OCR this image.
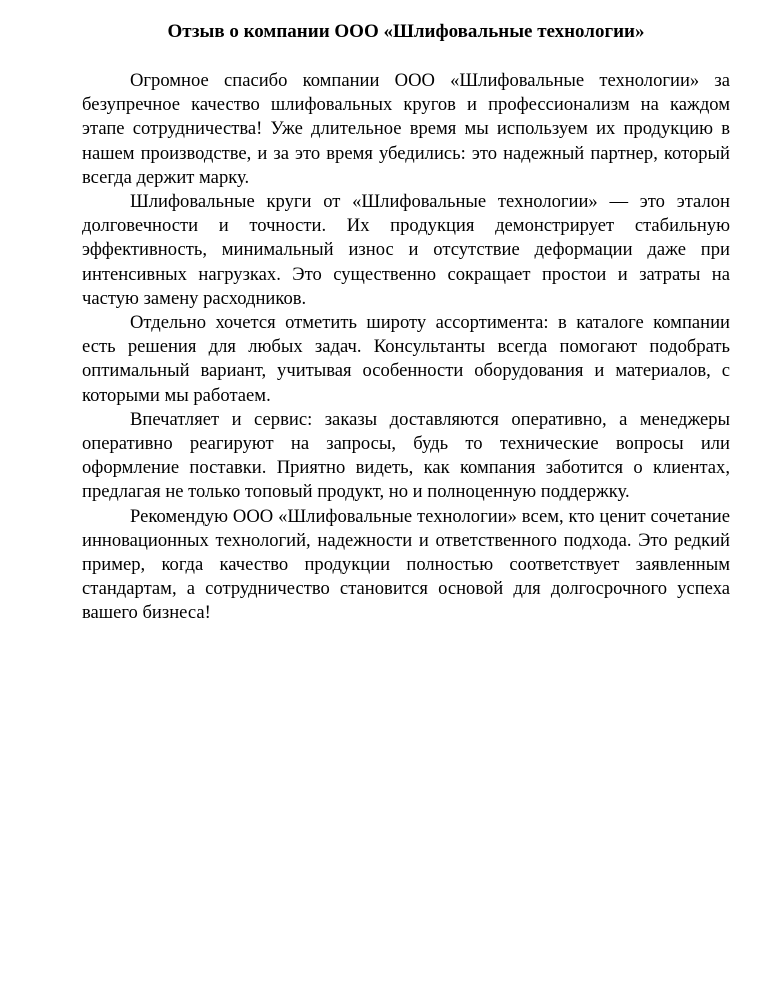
Отзыв о компании ООО «Шлифовальные технологии»

Огромное спасибо компании ООО «Шлифовальные технологии» за безупречное качество шлифовальных кругов и профессионализм на каждом этапе сотрудничества! Уже длительное время мы используем их продукцию в нашем производстве, и за это время убедились: это надежный партнер, который всегда держит марку.

Шлифовальные круги от «Шлифовальные технологии» — это эталон долговечности и точности. Их продукция демонстрирует стабильную эффективность, минимальный износ и отсутствие деформации даже при интенсивных нагрузках. Это существенно сокращает простои и затраты на частую замену расходников.

Отдельно хочется отметить широту ассортимента: в каталоге компании есть решения для любых задач. Консультанты всегда помогают подобрать оптимальный вариант, учитывая особенности оборудования и материалов, с которыми мы работаем.

Впечатляет и сервис: заказы доставляются оперативно, а менеджеры оперативно реагируют на запросы, будь то технические вопросы или оформление поставки. Приятно видеть, как компания заботится о клиентах, предлагая не только топовый продукт, но и полноценную поддержку.

Рекомендую ООО «Шлифовальные технологии» всем, кто ценит сочетание инновационных технологий, надежности и ответственного подхода. Это редкий пример, когда качество продукции полностью соответствует заявленным стандартам, а сотрудничество становится основой для долгосрочного успеха вашего бизнеса!
